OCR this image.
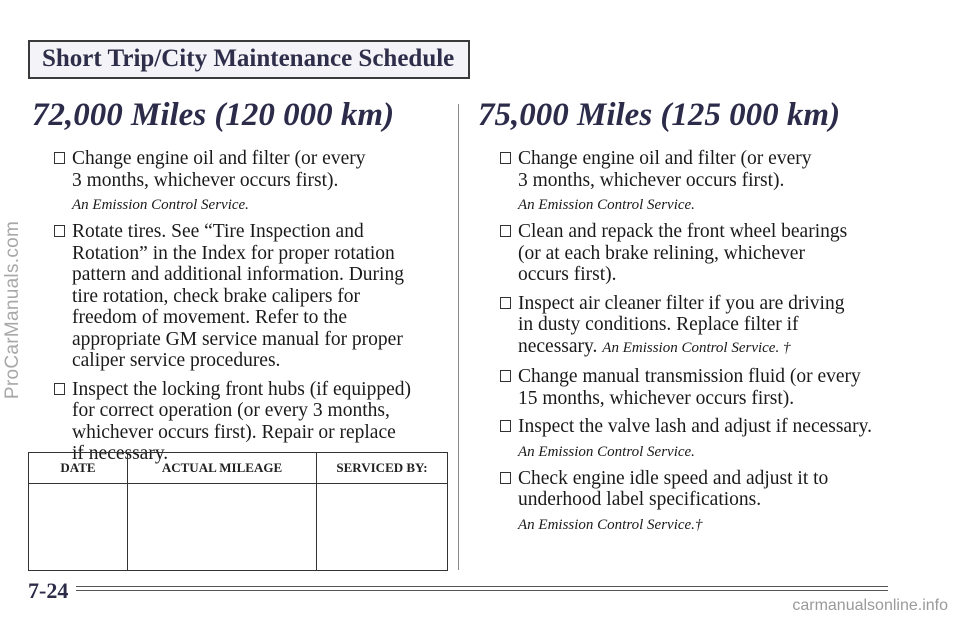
ProCarManuals.com
Short Trip/City Maintenance Schedule
72,000 Miles (120 000 km)
Change engine oil and filter (or every
3 months, whichever occurs first).
An Emission Control Service.
Rotate tires. See “Tire Inspection and
Rotation” in the Index for proper rotation
pattern and additional information. During
tire rotation, check brake calipers for
freedom of movement. Refer to the
appropriate GM service manual for proper
caliper service procedures.
Inspect the locking front hubs (if equipped)
for correct operation (or every 3 months,
whichever occurs first). Repair or replace
if necessary.
DATE	ACTUAL MILEAGE	SERVICED BY:

75,000 Miles (125 000 km)
Change engine oil and filter (or every
3 months, whichever occurs first).
An Emission Control Service.
Clean and repack the front wheel bearings
(or at each brake relining, whichever
occurs first).
Inspect air cleaner filter if you are driving
in dusty conditions. Replace filter if
necessary. An Emission Control Service. †
Change manual transmission fluid (or every
15 months, whichever occurs first).
Inspect the valve lash and adjust if necessary.
An Emission Control Service.
Check engine idle speed and adjust it to
underhood label specifications.
An Emission Control Service.†
7-24
carmanualsonline.info
